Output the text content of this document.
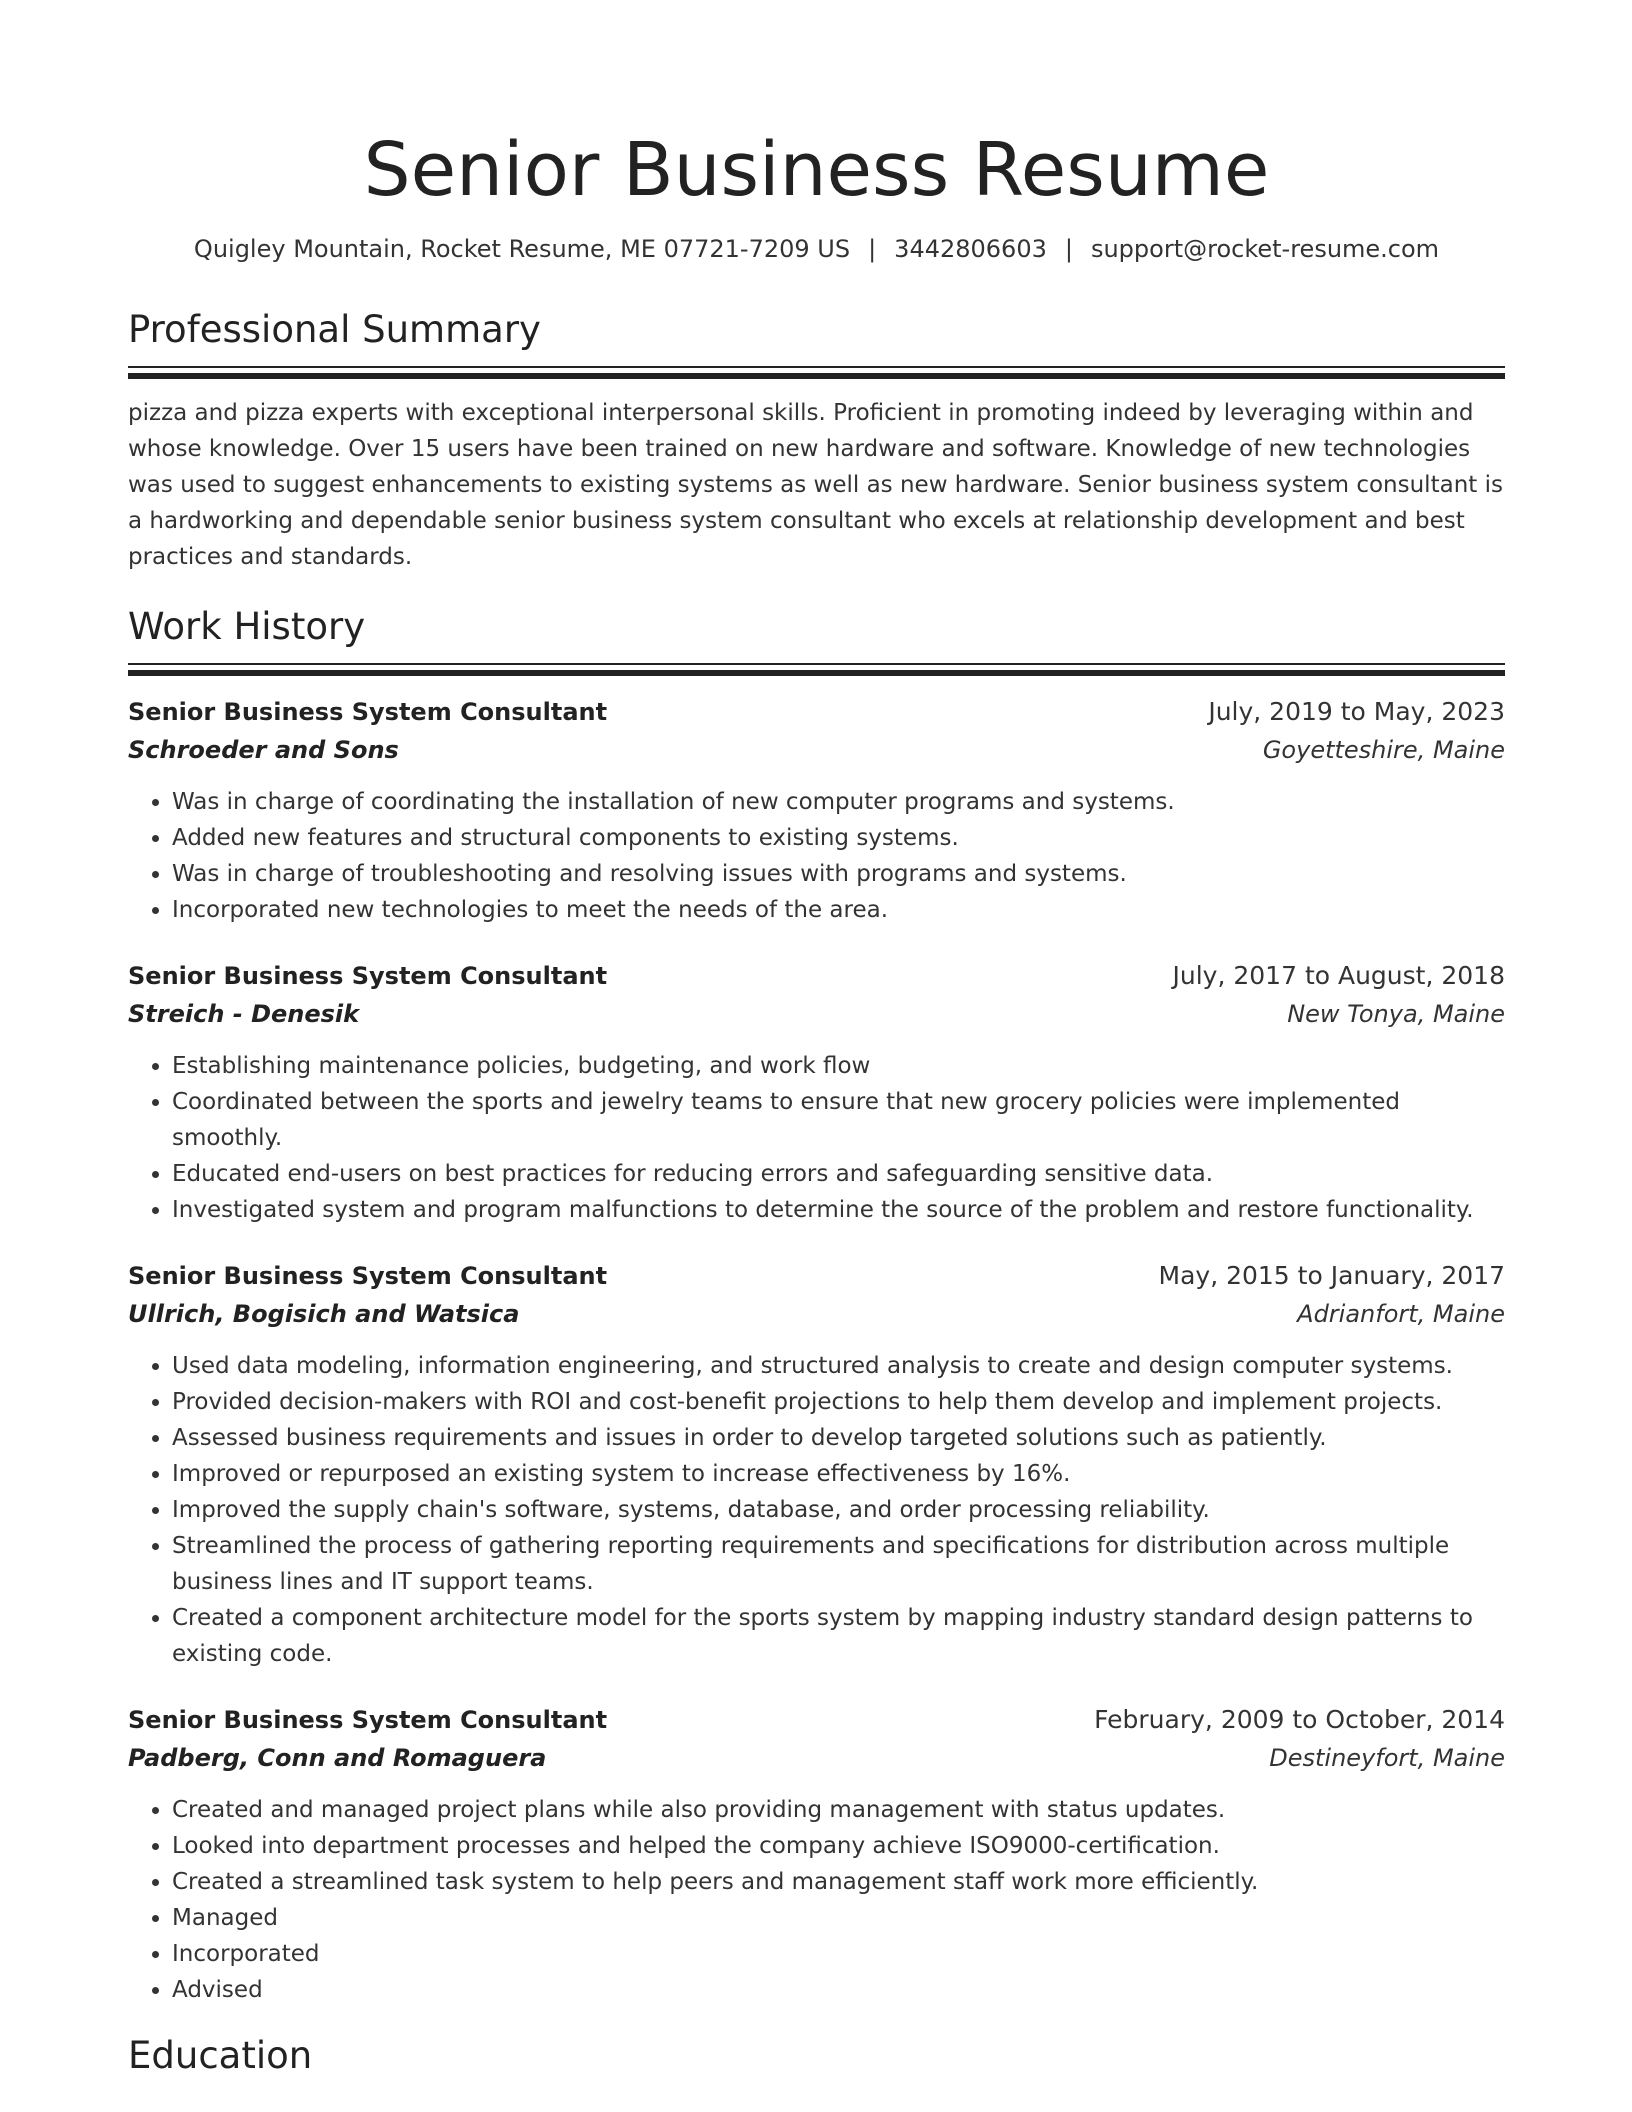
Senior Business Resume
Quigley Mountain, Rocket Resume, ME 07721-7209 US | 3442806603 | support@rocket-resume.com
Professional Summary

pizza and pizza experts with exceptional interpersonal skills. Proficient in promoting indeed by leveraging within and whose knowledge. Over 15 users have been trained on new hardware and software. Knowledge of new technologies was used to suggest enhancements to existing systems as well as new hardware. Senior business system consultant is a hardworking and dependable senior business system consultant who excels at relationship development and best practices and standards.

Work History
Senior Business System Consultant	July, 2019 to May, 2023
Schroeder and Sons	Goyetteshire, Maine
• Was in charge of coordinating the installation of new computer programs and systems.
• Added new features and structural components to existing systems.
• Was in charge of troubleshooting and resolving issues with programs and systems.
• Incorporated new technologies to meet the needs of the area.
Senior Business System Consultant	July, 2017 to August, 2018
Streich - Denesik	New Tonya, Maine
• Establishing maintenance policies, budgeting, and work flow
• Coordinated between the sports and jewelry teams to ensure that new grocery policies were implemented smoothly.
• Educated end-users on best practices for reducing errors and safeguarding sensitive data.
• Investigated system and program malfunctions to determine the source of the problem and restore functionality.
Senior Business System Consultant	May, 2015 to January, 2017
Ullrich, Bogisich and Watsica	Adrianfort, Maine
• Used data modeling, information engineering, and structured analysis to create and design computer systems.
• Provided decision-makers with ROI and cost-benefit projections to help them develop and implement projects.
• Assessed business requirements and issues in order to develop targeted solutions such as patiently.
• Improved or repurposed an existing system to increase effectiveness by 16%.
• Improved the supply chain's software, systems, database, and order processing reliability.
• Streamlined the process of gathering reporting requirements and specifications for distribution across multiple business lines and IT support teams.
• Created a component architecture model for the sports system by mapping industry standard design patterns to existing code.
Senior Business System Consultant	February, 2009 to October, 2014
Padberg, Conn and Romaguera	Destineyfort, Maine
• Created and managed project plans while also providing management with status updates.
• Looked into department processes and helped the company achieve ISO9000-certification.
• Created a streamlined task system to help peers and management staff work more efficiently.
• Managed
• Incorporated
• Advised
Education
